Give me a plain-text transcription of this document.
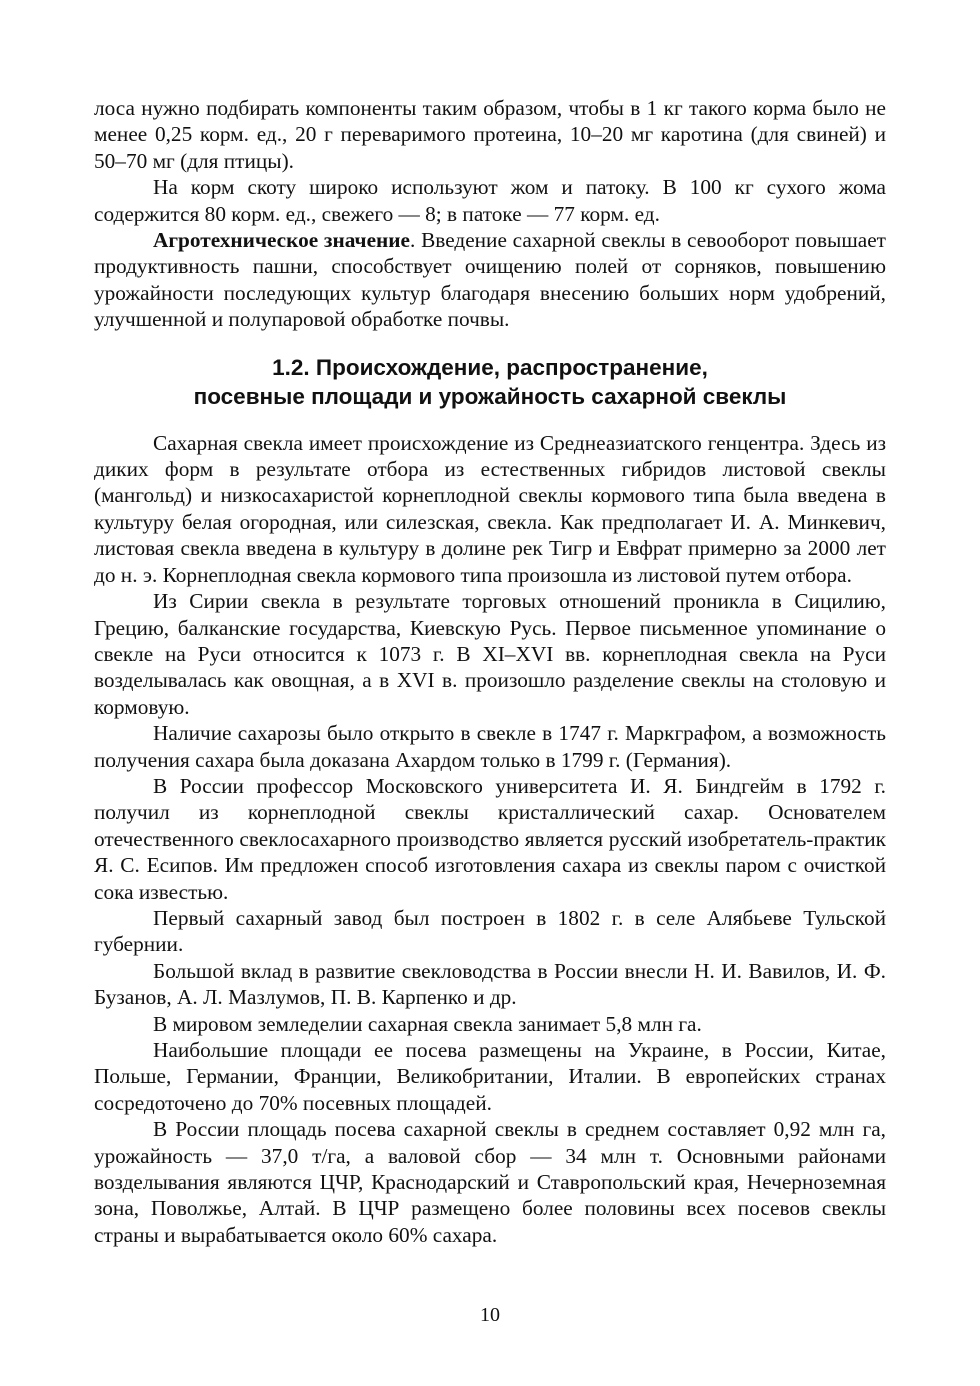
лоса нужно подбирать компоненты таким образом, чтобы в 1 кг такого корма было не менее 0,25 корм. ед., 20 г переваримого протеина, 10–20 мг каротина (для свиней) и 50–70 мг (для птицы).

На корм скоту широко используют жом и патоку. В 100 кг сухого жома содержится 80 корм. ед., свежего — 8; в патоке — 77 корм. ед.

Агротехническое значение. Введение сахарной свеклы в севооборот повышает продуктивность пашни, способствует очищению полей от сорняков, повышению урожайности последующих культур благодаря внесению больших норм удобрений, улучшенной и полупаровой обработке почвы.

1.2. Происхождение, распространение,
посевные площади и урожайность сахарной свеклы

Сахарная свекла имеет происхождение из Среднеазиатского генцентра. Здесь из диких форм в результате отбора из естественных гибридов листовой свеклы (мангольд) и низкосахаристой корнеплодной свеклы кормового типа была введена в культуру белая огородная, или силезская, свекла. Как предполагает И. А. Минкевич, листовая свекла введена в культуру в долине рек Тигр и Евфрат примерно за 2000 лет до н. э. Корнеплодная свекла кормового типа произошла из листовой путем отбора.

Из Сирии свекла в результате торговых отношений проникла в Сицилию, Грецию, балканские государства, Киевскую Русь. Первое письменное упоминание о свекле на Руси относится к 1073 г. В XI–XVI вв. корнеплодная свекла на Руси возделывалась как овощная, а в XVI в. произошло разделение свеклы на столовую и кормовую.

Наличие сахарозы было открыто в свекле в 1747 г. Маркграфом, а возможность получения сахара была доказана Ахардом только в 1799 г. (Германия).

В России профессор Московского университета И. Я. Биндгейм в 1792 г. получил из корнеплодной свеклы кристаллический сахар. Основателем отечественного свеклосахарного производство является русский изобретатель-практик Я. С. Есипов. Им предложен способ изготовления сахара из свеклы паром с очисткой сока известью.

Первый сахарный завод был построен в 1802 г. в селе Алябьеве Тульской губернии.

Большой вклад в развитие свекловодства в России внесли Н. И. Вавилов, И. Ф. Бузанов, А. Л. Мазлумов, П. В. Карпенко и др.

В мировом земледелии сахарная свекла занимает 5,8 млн га.

Наибольшие площади ее посева размещены на Украине, в России, Китае, Польше, Германии, Франции, Великобритании, Италии. В европейских странах сосредоточено до 70% посевных площадей.

В России площадь посева сахарной свеклы в среднем составляет 0,92 млн га, урожайность — 37,0 т/га, а валовой сбор — 34 млн т. Основными районами возделывания являются ЦЧР, Краснодарский и Ставропольский края, Нечерноземная зона, Поволжье, Алтай. В ЦЧР размещено более половины всех посевов свеклы страны и вырабатывается около 60% сахара.

10
